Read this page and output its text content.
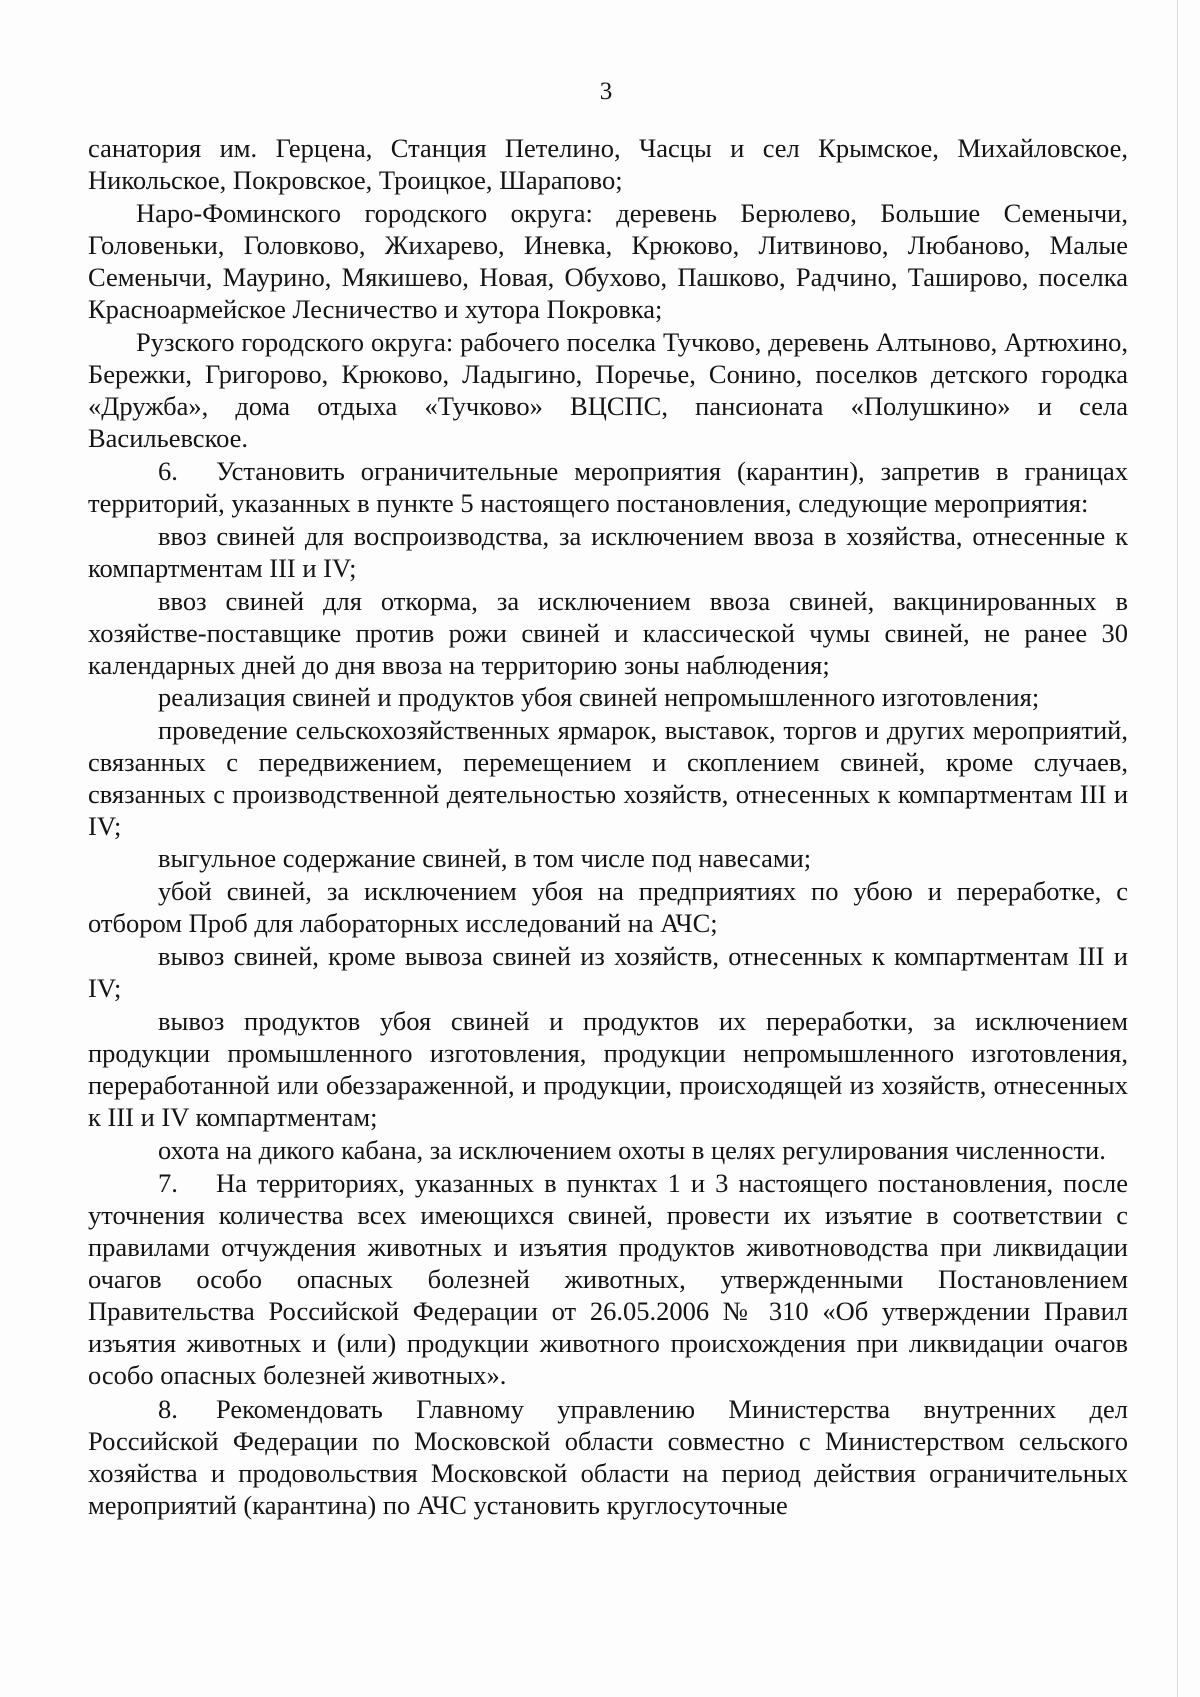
3

санатория им. Герцена, Станция Петелино, Часцы и сел Крымское, Михайловское, Никольское, Покровское, Троицкое, Шарапово;

Наро-Фоминского городского округа: деревень Берюлево, Большие Семенычи, Головеньки, Головково, Жихарево, Иневка, Крюково, Литвиново, Любаново, Малые Семенычи, Маурино, Мякишево, Новая, Обухово, Пашково, Радчино, Таширово, поселка Красноармейское Лесничество и хутора Покровка;

Рузского городского округа: рабочего поселка Тучково, деревень Алтыново, Артюхино, Бережки, Григорово, Крюково, Ладыгино, Поречье, Сонино, поселков детского городка «Дружба», дома отдыха «Тучково» ВЦСПС, пансионата «Полушкино» и села Васильевское.

6. Установить ограничительные мероприятия (карантин), запретив в границах территорий, указанных в пункте 5 настоящего постановления, следующие мероприятия:

ввоз свиней для воспроизводства, за исключением ввоза в хозяйства, отнесенные к компартментам III и IV;

ввоз свиней для откорма, за исключением ввоза свиней, вакцинированных в хозяйстве-поставщике против рожи свиней и классической чумы свиней, не ранее 30 календарных дней до дня ввоза на территорию зоны наблюдения;

реализация свиней и продуктов убоя свиней непромышленного изготовления;

проведение сельскохозяйственных ярмарок, выставок, торгов и других мероприятий, связанных с передвижением, перемещением и скоплением свиней, кроме случаев, связанных с производственной деятельностью хозяйств, отнесенных к компартментам III и IV;

выгульное содержание свиней, в том числе под навесами;

убой свиней, за исключением убоя на предприятиях по убою и переработке, с отбором Проб для лабораторных исследований на АЧС;

вывоз свиней, кроме вывоза свиней из хозяйств, отнесенных к компартментам III и IV;

вывоз продуктов убоя свиней и продуктов их переработки, за исключением продукции промышленного изготовления, продукции непромышленного изготовления, переработанной или обеззараженной, и продукции, происходящей из хозяйств, отнесенных к III и IV компартментам;

охота на дикого кабана, за исключением охоты в целях регулирования численности.

7. На территориях, указанных в пунктах 1 и 3 настоящего постановления, после уточнения количества всех имеющихся свиней, провести их изъятие в соответствии с правилами отчуждения животных и изъятия продуктов животноводства при ликвидации очагов особо опасных болезней животных, утвержденными Постановлением Правительства Российской Федерации от 26.05.2006 № 310 «Об утверждении Правил изъятия животных и (или) продукции животного происхождения при ликвидации очагов особо опасных болезней животных».

8. Рекомендовать Главному управлению Министерства внутренних дел Российской Федерации по Московской области совместно с Министерством сельского хозяйства и продовольствия Московской области на период действия ограничительных мероприятий (карантина) по АЧС установить круглосуточные
